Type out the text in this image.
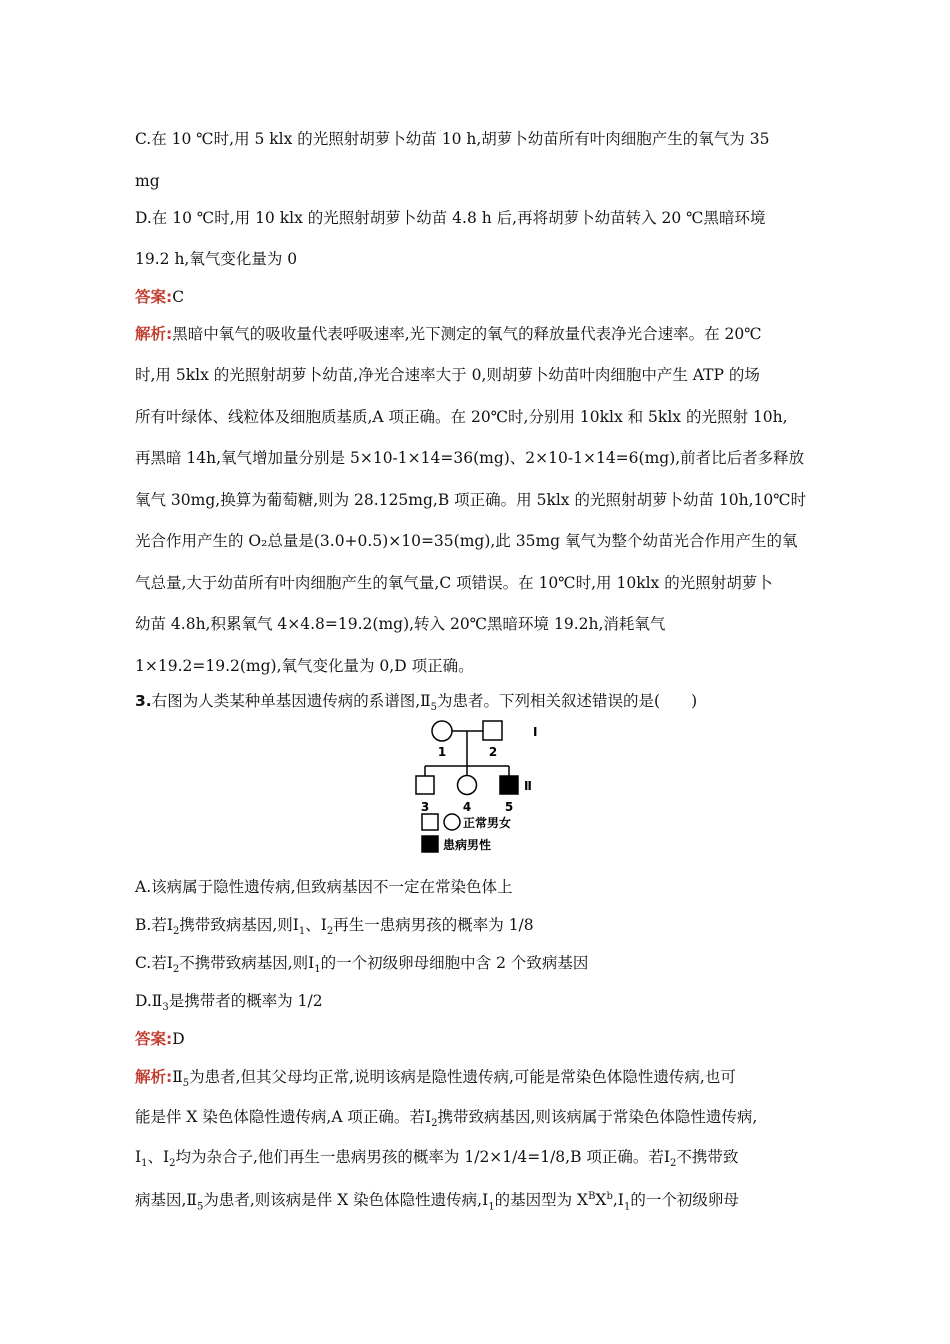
C.在 10 ℃时,用 5 klx 的光照射胡萝卜幼苗 10 h,胡萝卜幼苗所有叶肉细胞产生的氧气为 35
mg
D.在 10 ℃时,用 10 klx 的光照射胡萝卜幼苗 4.8 h 后,再将胡萝卜幼苗转入 20 ℃黑暗环境
19.2 h,氧气变化量为 0
答案:C
解析:黑暗中氧气的吸收量代表呼吸速率,光下测定的氧气的释放量代表净光合速率。在 20℃
时,用 5klx 的光照射胡萝卜幼苗,净光合速率大于 0,则胡萝卜幼苗叶肉细胞中产生 ATP 的场
所有叶绿体、线粒体及细胞质基质,A 项正确。在 20℃时,分别用 10klx 和 5klx 的光照射 10h,
再黑暗 14h,氧气增加量分别是 5×10-1×14=36(mg)、2×10-1×14=6(mg),前者比后者多释放
氧气 30mg,换算为葡萄糖,则为 28.125mg,B 项正确。用 5klx 的光照射胡萝卜幼苗 10h,10℃时
光合作用产生的 O₂总量是(3.0+0.5)×10=35(mg),此 35mg 氧气为整个幼苗光合作用产生的氧
气总量,大于幼苗所有叶肉细胞产生的氧气量,C 项错误。在 10℃时,用 10klx 的光照射胡萝卜
幼苗 4.8h,积累氧气 4×4.8=19.2(mg),转入 20℃黑暗环境 19.2h,消耗氧气
1×19.2=19.2(mg),氧气变化量为 0,D 项正确。
3.右图为人类某种单基因遗传病的系谱图$,Ⅱ_5$为患者。下列相关叙述错误的是(　　)
1	2
Ⅰ
3	4	5
Ⅱ
正常男女
患病男性
A.该病属于隐性遗传病,但致病基因不一定在常染色体上
B.若$Ⅰ_2$携带致病基因,则$Ⅰ_1$、$Ⅰ_2$再生一患病男孩的概率为 1/8
C.若$Ⅰ_2$不携带致病基因,则$Ⅰ_1$的一个初级卵母细胞中含 2 个致病基因
$D.Ⅱ_3$是携带者的概率为 1/2
答案:D
解析$:Ⅱ_5$为患者,但其父母均正常,说明该病是隐性遗传病,可能是常染色体隐性遗传病,也可
能是伴 X 染色体隐性遗传病,A 项正确。若$Ⅰ_2$携带致病基因,则该病属于常染色体隐性遗传病,
$Ⅰ_1$、$Ⅰ_2$均为杂合子,他们再生一患病男孩的概率为 1/2×1/4=1/8,B 项正确。若$Ⅰ_2$不携带致
病基因$,Ⅱ_5$为患者,则该病是伴 X 染色体隐性遗传病$,Ⅰ_1$的基因型为 $X^BX^b,Ⅰ_1$的一个初级卵母
